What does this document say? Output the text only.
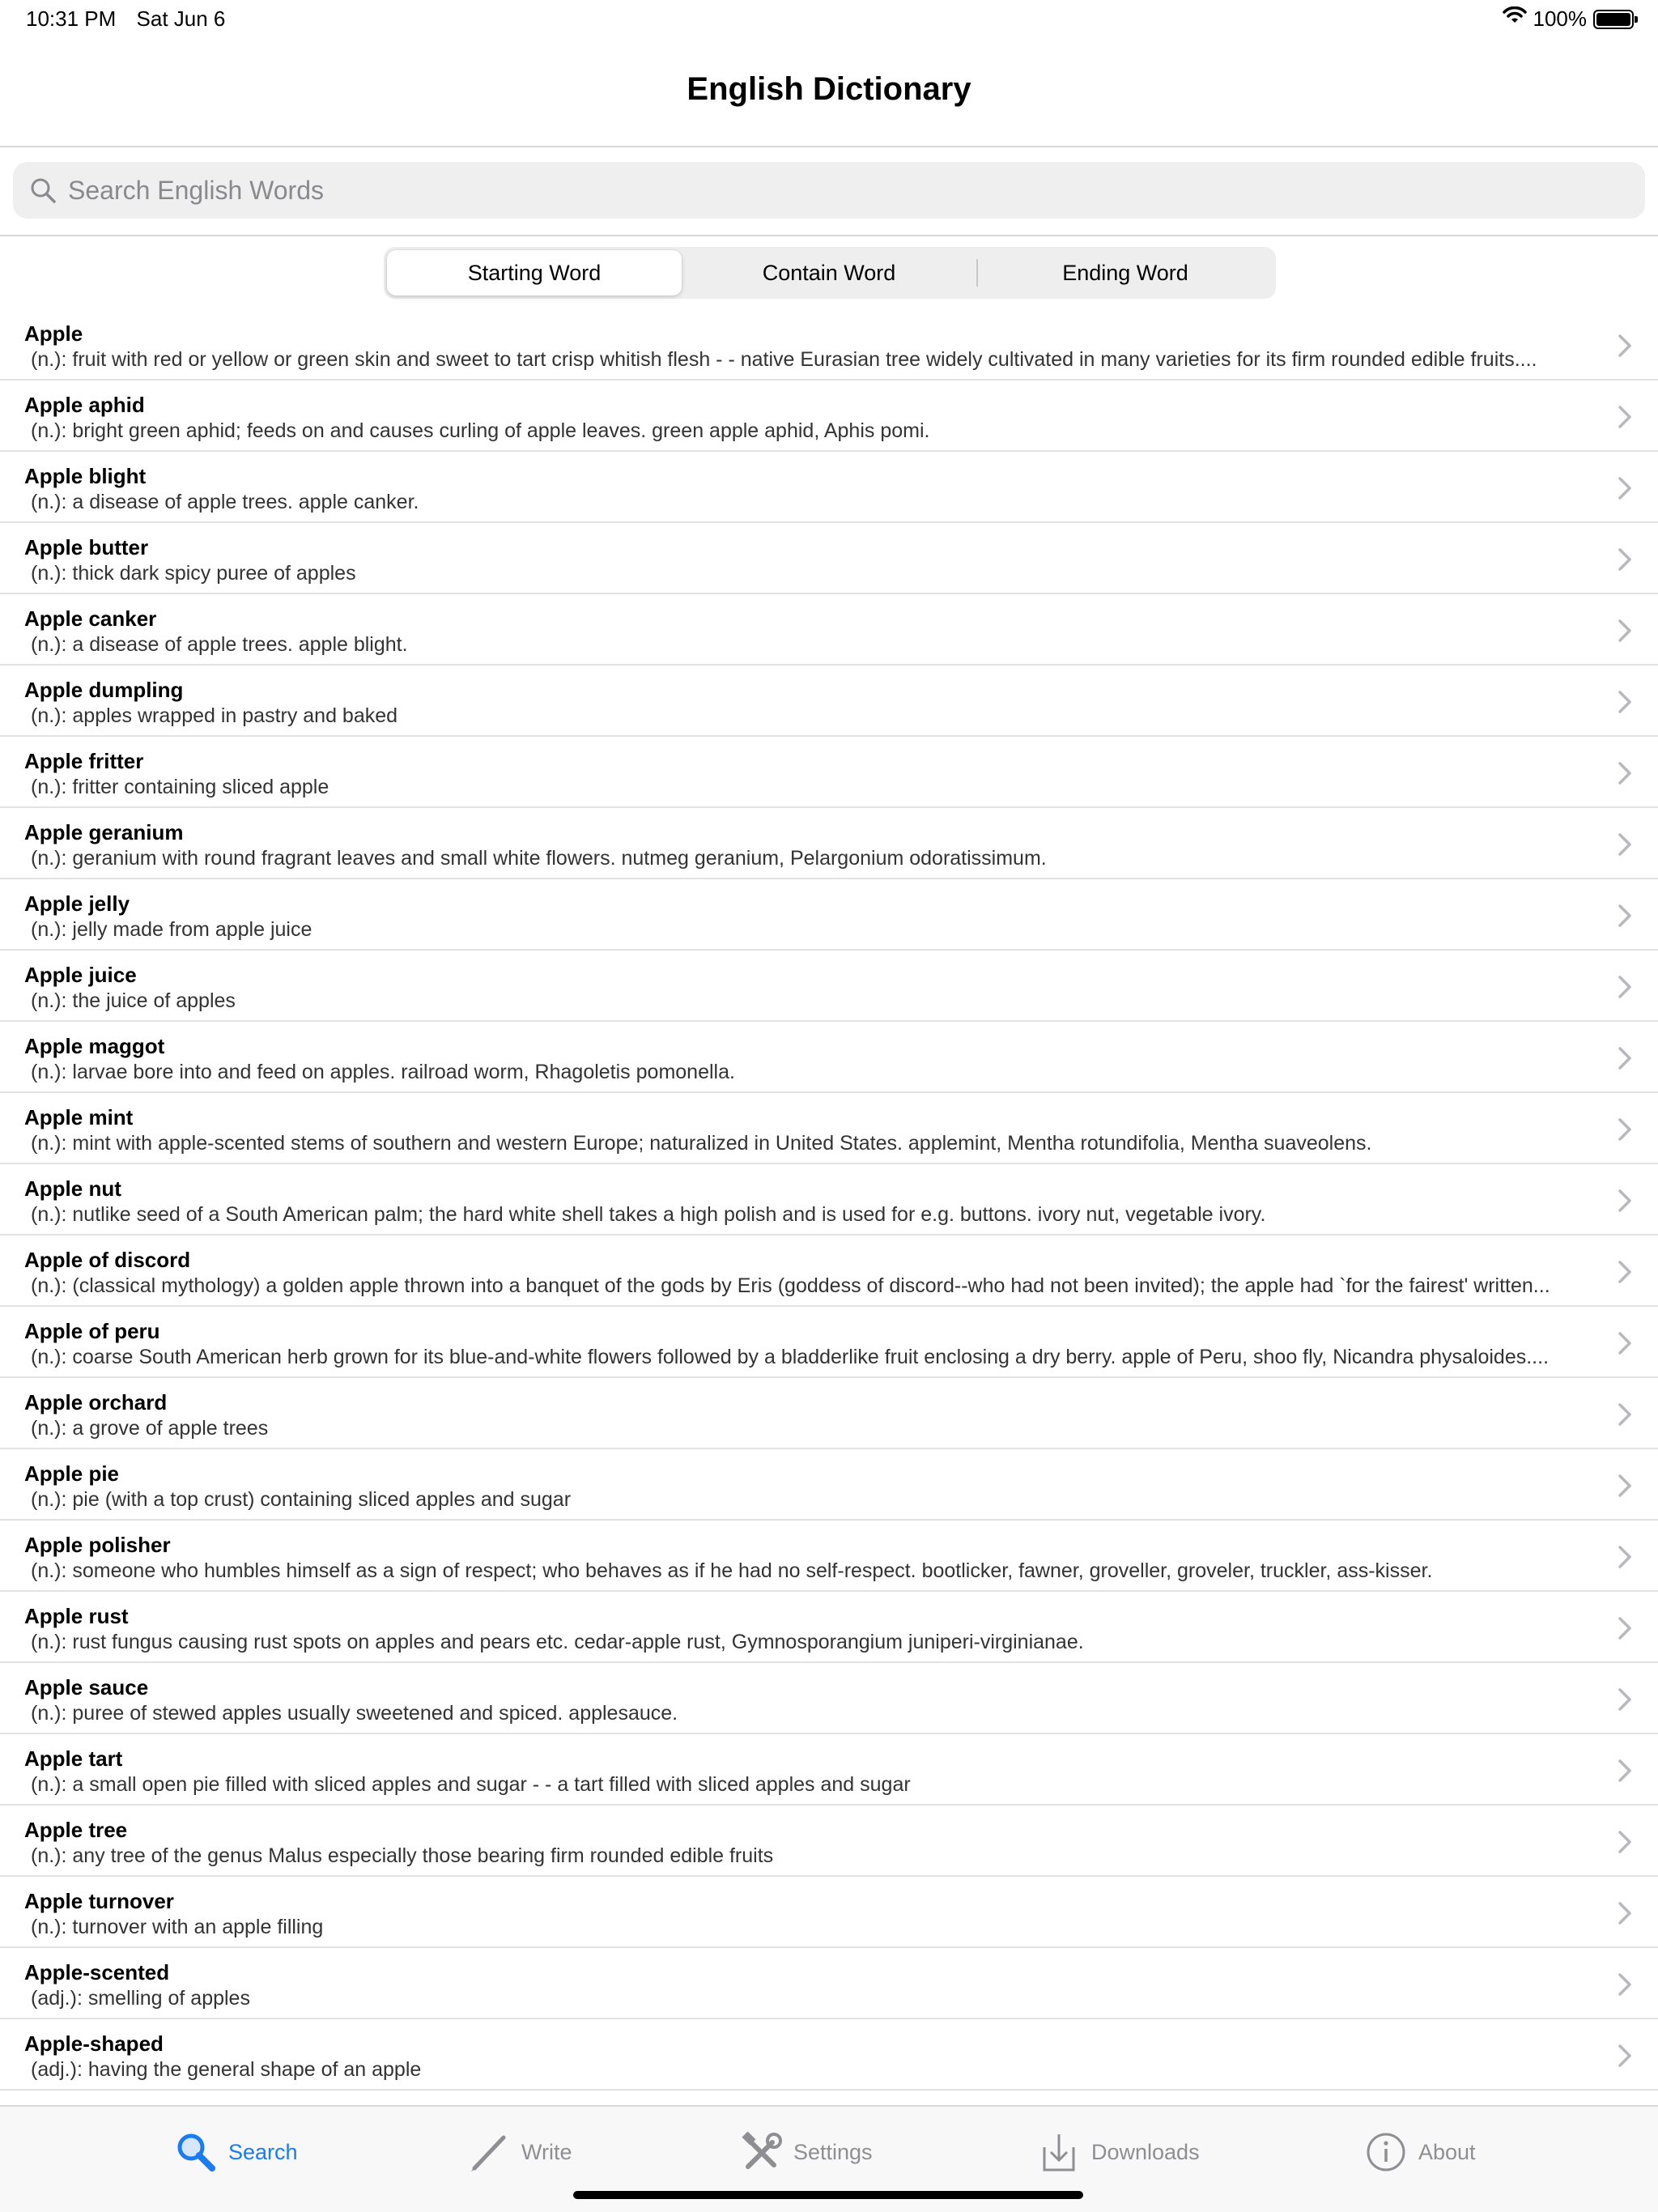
10:31 PM Sat Jun 6	100%
English Dictionary
Search English Words
Starting Word	Contain Word	Ending Word
Apple
(n.): fruit with red or yellow or green skin and sweet to tart crisp whitish flesh - - native Eurasian tree widely cultivated in many varieties for its firm rounded edible fruits....
Apple aphid
(n.): bright green aphid; feeds on and causes curling of apple leaves. green apple aphid, Aphis pomi.
Apple blight
(n.): a disease of apple trees. apple canker.
Apple butter
(n.): thick dark spicy puree of apples
Apple canker
(n.): a disease of apple trees. apple blight.
Apple dumpling
(n.): apples wrapped in pastry and baked
Apple fritter
(n.): fritter containing sliced apple
Apple geranium
(n.): geranium with round fragrant leaves and small white flowers. nutmeg geranium, Pelargonium odoratissimum.
Apple jelly
(n.): jelly made from apple juice
Apple juice
(n.): the juice of apples
Apple maggot
(n.): larvae bore into and feed on apples. railroad worm, Rhagoletis pomonella.
Apple mint
(n.): mint with apple-scented stems of southern and western Europe; naturalized in United States. applemint, Mentha rotundifolia, Mentha suaveolens.
Apple nut
(n.): nutlike seed of a South American palm; the hard white shell takes a high polish and is used for e.g. buttons. ivory nut, vegetable ivory.
Apple of discord
(n.): (classical mythology) a golden apple thrown into a banquet of the gods by Eris (goddess of discord--who had not been invited); the apple had `for the fairest' written...
Apple of peru
(n.): coarse South American herb grown for its blue-and-white flowers followed by a bladderlike fruit enclosing a dry berry. apple of Peru, shoo fly, Nicandra physaloides....
Apple orchard
(n.): a grove of apple trees
Apple pie
(n.): pie (with a top crust) containing sliced apples and sugar
Apple polisher
(n.): someone who humbles himself as a sign of respect; who behaves as if he had no self-respect. bootlicker, fawner, groveller, groveler, truckler, ass-kisser.
Apple rust
(n.): rust fungus causing rust spots on apples and pears etc. cedar-apple rust, Gymnosporangium juniperi-virginianae.
Apple sauce
(n.): puree of stewed apples usually sweetened and spiced. applesauce.
Apple tart
(n.): a small open pie filled with sliced apples and sugar - - a tart filled with sliced apples and sugar
Apple tree
(n.): any tree of the genus Malus especially those bearing firm rounded edible fruits
Apple turnover
(n.): turnover with an apple filling
Apple-scented
(adj.): smelling of apples
Apple-shaped
(adj.): having the general shape of an apple
Search	Write	Settings	Downloads	About
